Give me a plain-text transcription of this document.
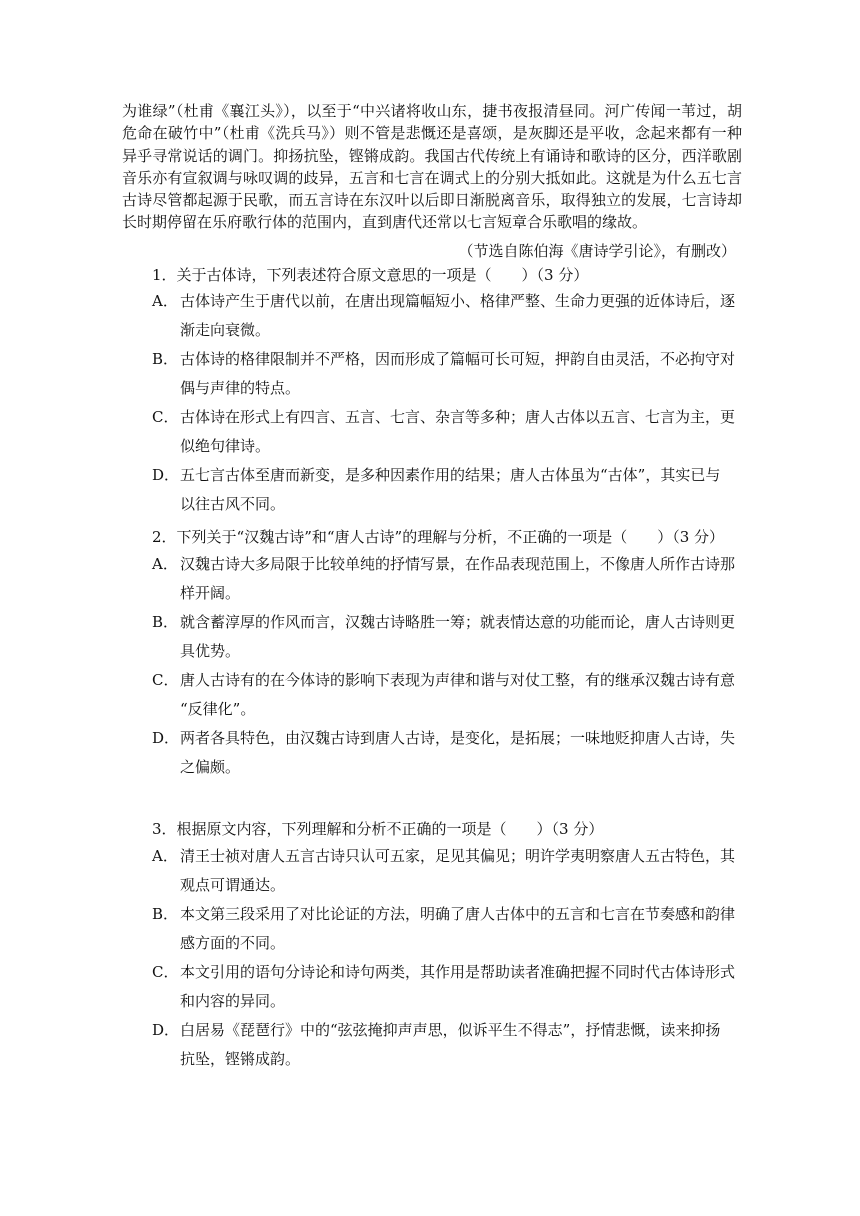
为谁绿”（杜甫《襄江头》），以至于“中兴诸将收山东，捷书夜报清昼同。河广传闻一苇过，胡危命在破竹中”（杜甫《洗兵马》）则不管是悲慨还是喜颂，是灰脚还是平收，念起来都有一种异乎寻常说话的调门。抑扬抗坠，铿锵成韵。我国古代传统上有诵诗和歌诗的区分，西洋歌剧音乐亦有宣叙调与咏叹调的歧异，五言和七言在调式上的分别大抵如此。这就是为什么五七言古诗尽管都起源于民歌，而五言诗在东汉叶以后即日渐脱离音乐，取得独立的发展，七言诗却长时期停留在乐府歌行体的范围内，直到唐代还常以七言短章合乐歌唱的缘故。

（节选自陈伯海《唐诗学引论》，有删改）
1．关于古体诗，下列表述符合原文意思的一项是（　　）（3 分）
A． 古体诗产生于唐代以前，在唐出现篇幅短小、格律严整、生命力更强的近体诗后，逐
渐走向衰微。
B． 古体诗的格律限制并不严格，因而形成了篇幅可长可短，押韵自由灵活，不必拘守对
偶与声律的特点。
C． 古体诗在形式上有四言、五言、七言、杂言等多种；唐人古体以五言、七言为主，更
似绝句律诗。
D． 五七言古体至唐而新变，是多种因素作用的结果；唐人古体虽为“古体”，其实已与
以往古风不同。
2．下列关于“汉魏古诗”和“唐人古诗”的理解与分析，不正确的一项是（　　）（3 分）
A． 汉魏古诗大多局限于比较单纯的抒情写景，在作品表现范围上，不像唐人所作古诗那
样开阔。
B． 就含蓄淳厚的作风而言，汉魏古诗略胜一筹；就表情达意的功能而论，唐人古诗则更
具优势。
C． 唐人古诗有的在今体诗的影响下表现为声律和谐与对仗工整，有的继承汉魏古诗有意
“反律化”。
D． 两者各具特色，由汉魏古诗到唐人古诗，是变化，是拓展；一味地贬抑唐人古诗，失
之偏颇。
3．根据原文内容，下列理解和分析不正确的一项是（　　）（3 分）
A． 清王士祯对唐人五言古诗只认可五家，足见其偏见；明许学夷明察唐人五古特色，其
观点可谓通达。
B． 本文第三段采用了对比论证的方法，明确了唐人古体中的五言和七言在节奏感和韵律
感方面的不同。
C． 本文引用的语句分诗论和诗句两类，其作用是帮助读者准确把握不同时代古体诗形式
和内容的异同。
D． 白居易《琵琶行》中的“弦弦掩抑声声思，似诉平生不得志”，抒情悲慨，读来抑扬
抗坠，铿锵成韵。
